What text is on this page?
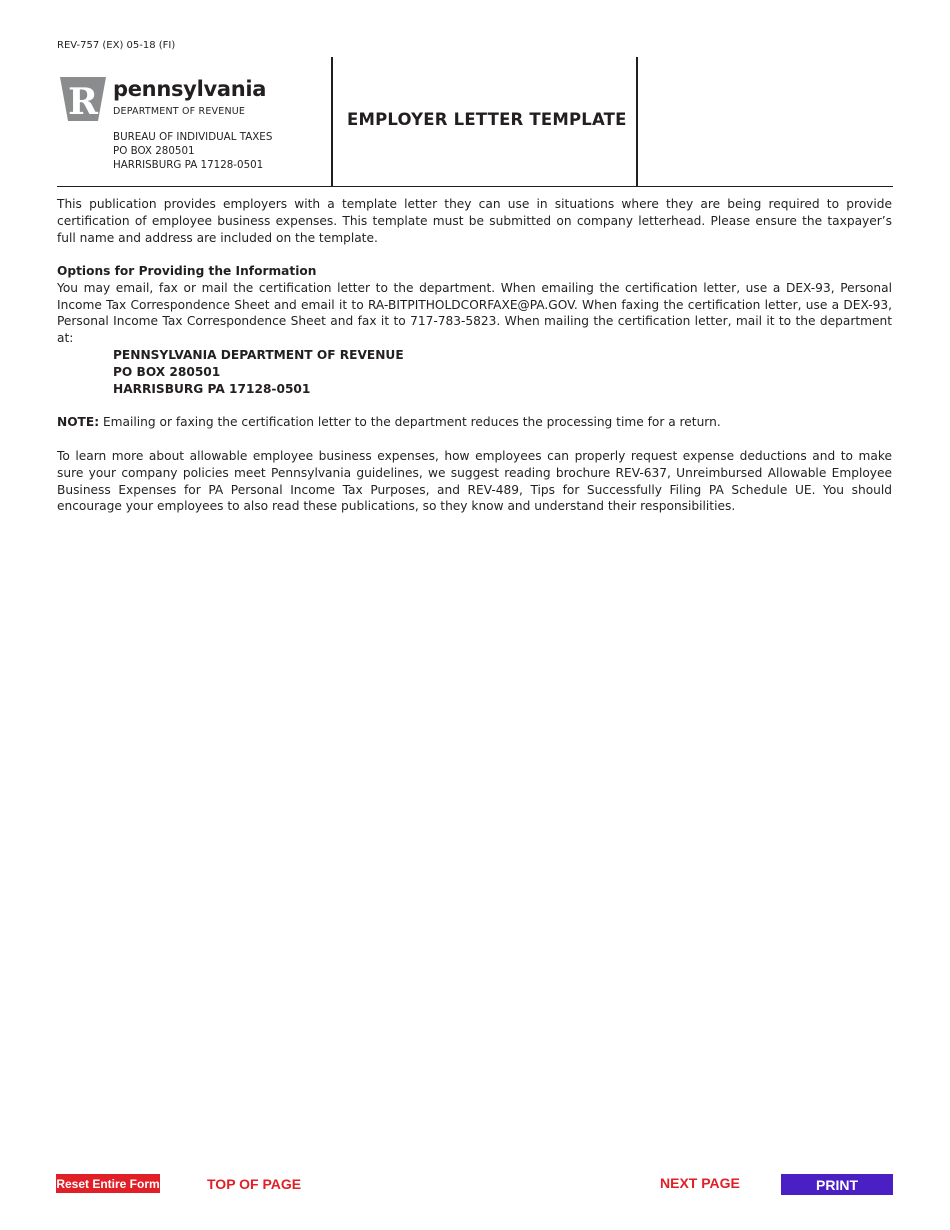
REV-757 (EX) 05-18 (FI)
R pennsylvania
DEPARTMENT OF REVENUE
BUREAU OF INDIVIDUAL TAXES
PO BOX 280501
HARRISBURG PA 17128-0501
EMPLOYER LETTER TEMPLATE

This publication provides employers with a template letter they can use in situations where they are being required to provide certification of employee business expenses. This template must be submitted on company letterhead. Please ensure the taxpayer’s full name and address are included on the template.

Options for Providing the Information

You may email, fax or mail the certification letter to the department. When emailing the certification letter, use a DEX-93, Personal Income Tax Correspondence Sheet and email it to RA-BITPITHOLDCORFAXE@PA.GOV. When faxing the certification letter, use a DEX-93, Personal Income Tax Correspondence Sheet and fax it to 717-783-5823. When mailing the certification letter, mail it to the department at:

PENNSYLVANIA DEPARTMENT OF REVENUE
PO BOX 280501
HARRISBURG PA 17128-0501

NOTE: Emailing or faxing the certification letter to the department reduces the processing time for a return.

To learn more about allowable employee business expenses, how employees can properly request expense deductions and to make sure your company policies meet Pennsylvania guidelines, we suggest reading brochure REV-637, Unreimbursed Allowable Employee Business Expenses for PA Personal Income Tax Purposes, and REV-489, Tips for Successfully Filing PA Schedule UE. You should encourage your employees to also read these publications, so they know and understand their responsibilities.

Reset Entire Form	TOP OF PAGE	NEXT PAGE	PRINT
